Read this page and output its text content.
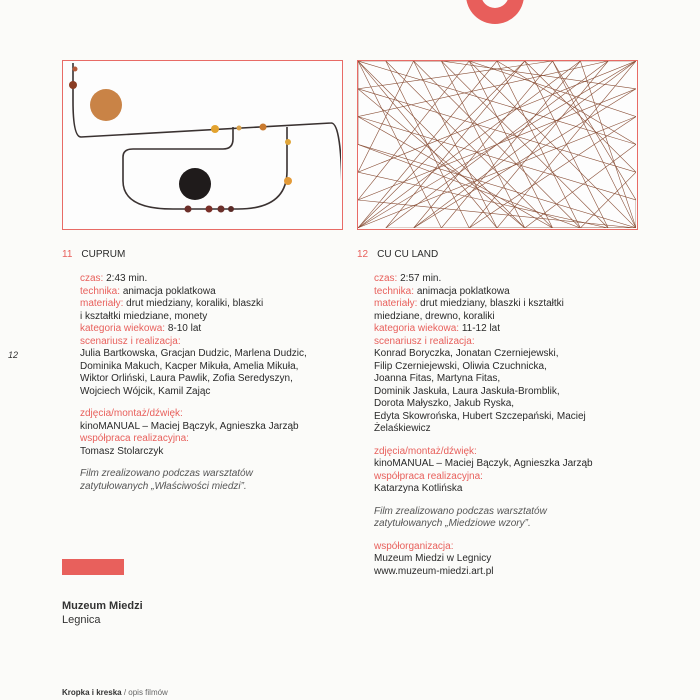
12
11 CUPRUM
czas: 2:43 min.
technika: animacja poklatkowa
materiały: drut miedziany, koraliki, blaszki
i kształtki miedziane, monety
kategoria wiekowa: 8-10 lat
scenariusz i realizacja:
Julia Bartkowska, Gracjan Dudzic, Marlena Dudzic,
Dominika Makuch, Kacper Mikuła, Amelia Mikuła,
Wiktor Orliński, Laura Pawlik, Zofia Seredyszyn,
Wojciech Wójcik, Kamil Zając
zdjęcia/montaż/dźwięk:
kinoMANUAL – Maciej Bączyk, Agnieszka Jarząb
współpraca realizacyjna:
Tomasz Stolarczyk
Film zrealizowano podczas warsztatów
zatytułowanych „Właściwości miedzi”.
12 CU CU LAND
czas: 2:57 min.
technika: animacja poklatkowa
materiały: drut miedziany, blaszki i kształtki
miedziane, drewno, koraliki
kategoria wiekowa: 11-12 lat
scenariusz i realizacja:
Konrad Boryczka, Jonatan Czerniejewski,
Filip Czerniejewski, Oliwia Czuchnicka,
Joanna Fitas, Martyna Fitas,
Dominik Jaskuła, Laura Jaskuła-Bromblik,
Dorota Małyszko, Jakub Ryska,
Edyta Skowrońska, Hubert Szczepański, Maciej
Żelaśkiewicz
zdjęcia/montaż/dźwięk:
kinoMANUAL – Maciej Bączyk, Agnieszka Jarząb
współpraca realizacyjna:
Katarzyna Kotlińska
Film zrealizowano podczas warsztatów
zatytułowanych „Miedziowe wzory”.
współorganizacja:
Muzeum Miedzi w Legnicy
www.muzeum-miedzi.art.pl
Muzeum Miedzi
Legnica
Kropka i kreska / opis filmów
